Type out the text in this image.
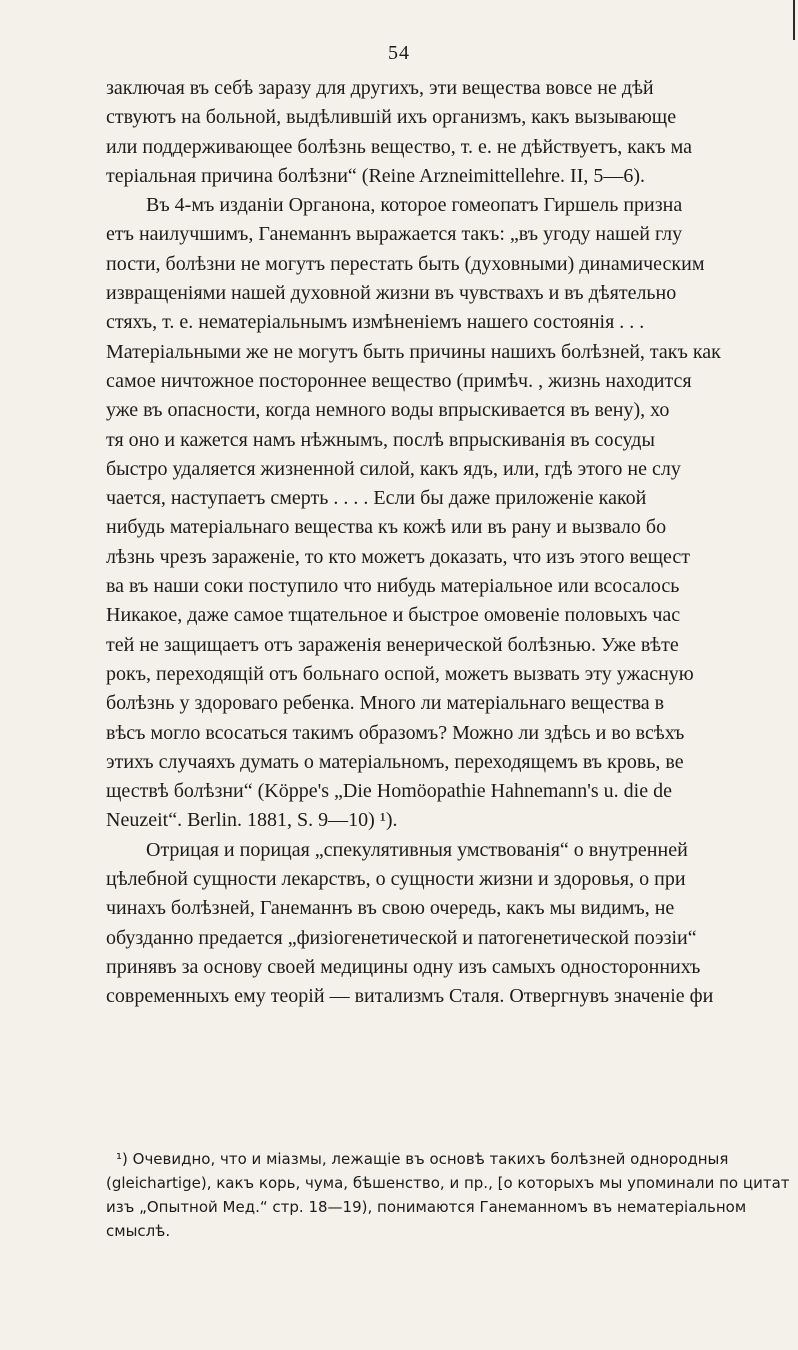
54
заключая въ себѣ заразу для другихъ, эти вещества вовсе не дѣй
ствуютъ на больной, выдѣлившій ихъ организмъ, какъ вызывающе
или поддерживающее болѣзнь вещество, т. е. не дѣйствуетъ, какъ ма
теріальная причина болѣзни“ (Reine Arzneimittellehre. II, 5—6).
Въ 4-мъ изданіи Органона, которое гомеопатъ Гиршель призна
етъ наилучшимъ, Ганеманнъ выражается такъ: „въ угоду нашей глу
пости, болѣзни не могутъ перестать быть (духовными) динамическим
извращеніями нашей духовной жизни въ чувствахъ и въ дѣятельно
стяхъ, т. е. нематеріальнымъ измѣненіемъ нашего состоянія . . .
Матеріальными же не могутъ быть причины нашихъ болѣзней, такъ как
самое ничтожное постороннее вещество (примѣч. , жизнь находится
уже въ опасности, когда немного воды впрыскивается въ вену), хо
тя оно и кажется намъ нѣжнымъ, послѣ впрыскиванія въ сосуды
быстро удаляется жизненной силой, какъ ядъ, или, гдѣ этого не слу
чается, наступаетъ смерть . . . . Если бы даже приложеніе какой
нибудь матеріальнаго вещества къ кожѣ или въ рану и вызвало бо
лѣзнь чрезъ зараженіе, то кто можетъ доказать, что изъ этого вещест
ва въ наши соки поступило что нибудь матеріальное или всосалось
Никакое, даже самое тщательное и быстрое омовеніе половыхъ час
тей не защищаетъ отъ зараженія венерической болѣзнью. Уже вѣте
рокъ, переходящій отъ больнаго оспой, можетъ вызвать эту ужасную
болѣзнь у здороваго ребенка. Много ли матеріальнаго вещества в
вѣсъ могло всосаться такимъ образомъ? Можно ли здѣсь и во всѣхъ
этихъ случаяхъ думать о матеріальномъ, переходящемъ въ кровь, ве
ществѣ болѣзни“ (Köppe's „Die Homöopathie Hahnemann's u. die de
Neuzeit“. Berlin. 1881, S. 9—10) ¹).
Отрицая и порицая „спекулятивныя умствованія“ о внутренней
цѣлебной сущности лекарствъ, о сущности жизни и здоровья, о при
чинахъ болѣзней, Ганеманнъ въ свою очередь, какъ мы видимъ, не
обузданно предается „физіогенетической и патогенетической поэзіи“
принявъ за основу своей медицины одну изъ самыхъ одностороннихъ
современныхъ ему теорій — витализмъ Сталя. Отвергнувъ значеніе фи
¹) Очевидно, что и міазмы, лежащіе въ основѣ такихъ болѣзней однородныя
(gleichartige), какъ корь, чума, бѣшенство, и пр., [о которыхъ мы упоминали по цитат
изъ „Опытной Мед.“ стр. 18—19), понимаются Ганеманномъ въ нематеріальном
смыслѣ.
